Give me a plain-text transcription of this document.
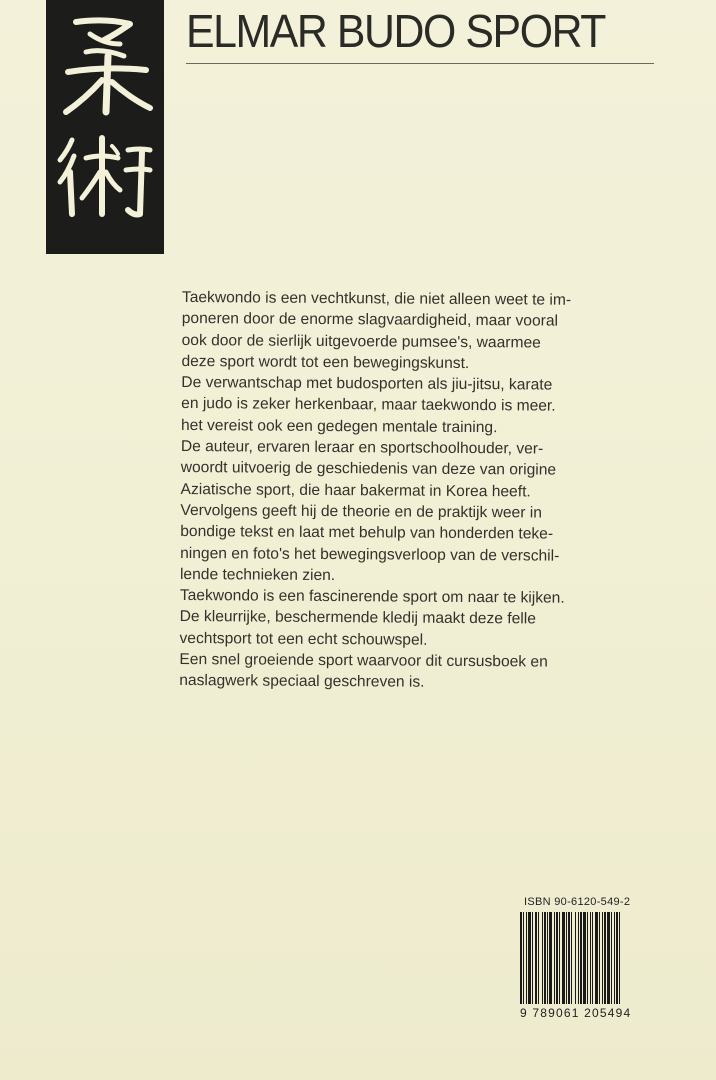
ELMAR BUDO SPORT

Taekwondo is een vechtkunst, die niet alleen weet te im-

poneren door de enorme slagvaardigheid, maar vooral

ook door de sierlijk uitgevoerde pumsee's, waarmee

deze sport wordt tot een bewegingskunst.

De verwantschap met budosporten als jiu-jitsu, karate

en judo is zeker herkenbaar, maar taekwondo is meer.

het vereist ook een gedegen mentale training.

De auteur, ervaren leraar en sportschoolhouder, ver-

woordt uitvoerig de geschiedenis van deze van origine

Aziatische sport, die haar bakermat in Korea heeft.

Vervolgens geeft hij de theorie en de praktijk weer in

bondige tekst en laat met behulp van honderden teke-

ningen en foto's het bewegingsverloop van de verschil-

lende technieken zien.

Taekwondo is een fascinerende sport om naar te kijken.

De kleurrijke, beschermende kledij maakt deze felle

vechtsport tot een echt schouwspel.

Een snel groeiende sport waarvoor dit cursusboek en

naslagwerk speciaal geschreven is.

ISBN 90-6120-549-2
9 789061 205494
